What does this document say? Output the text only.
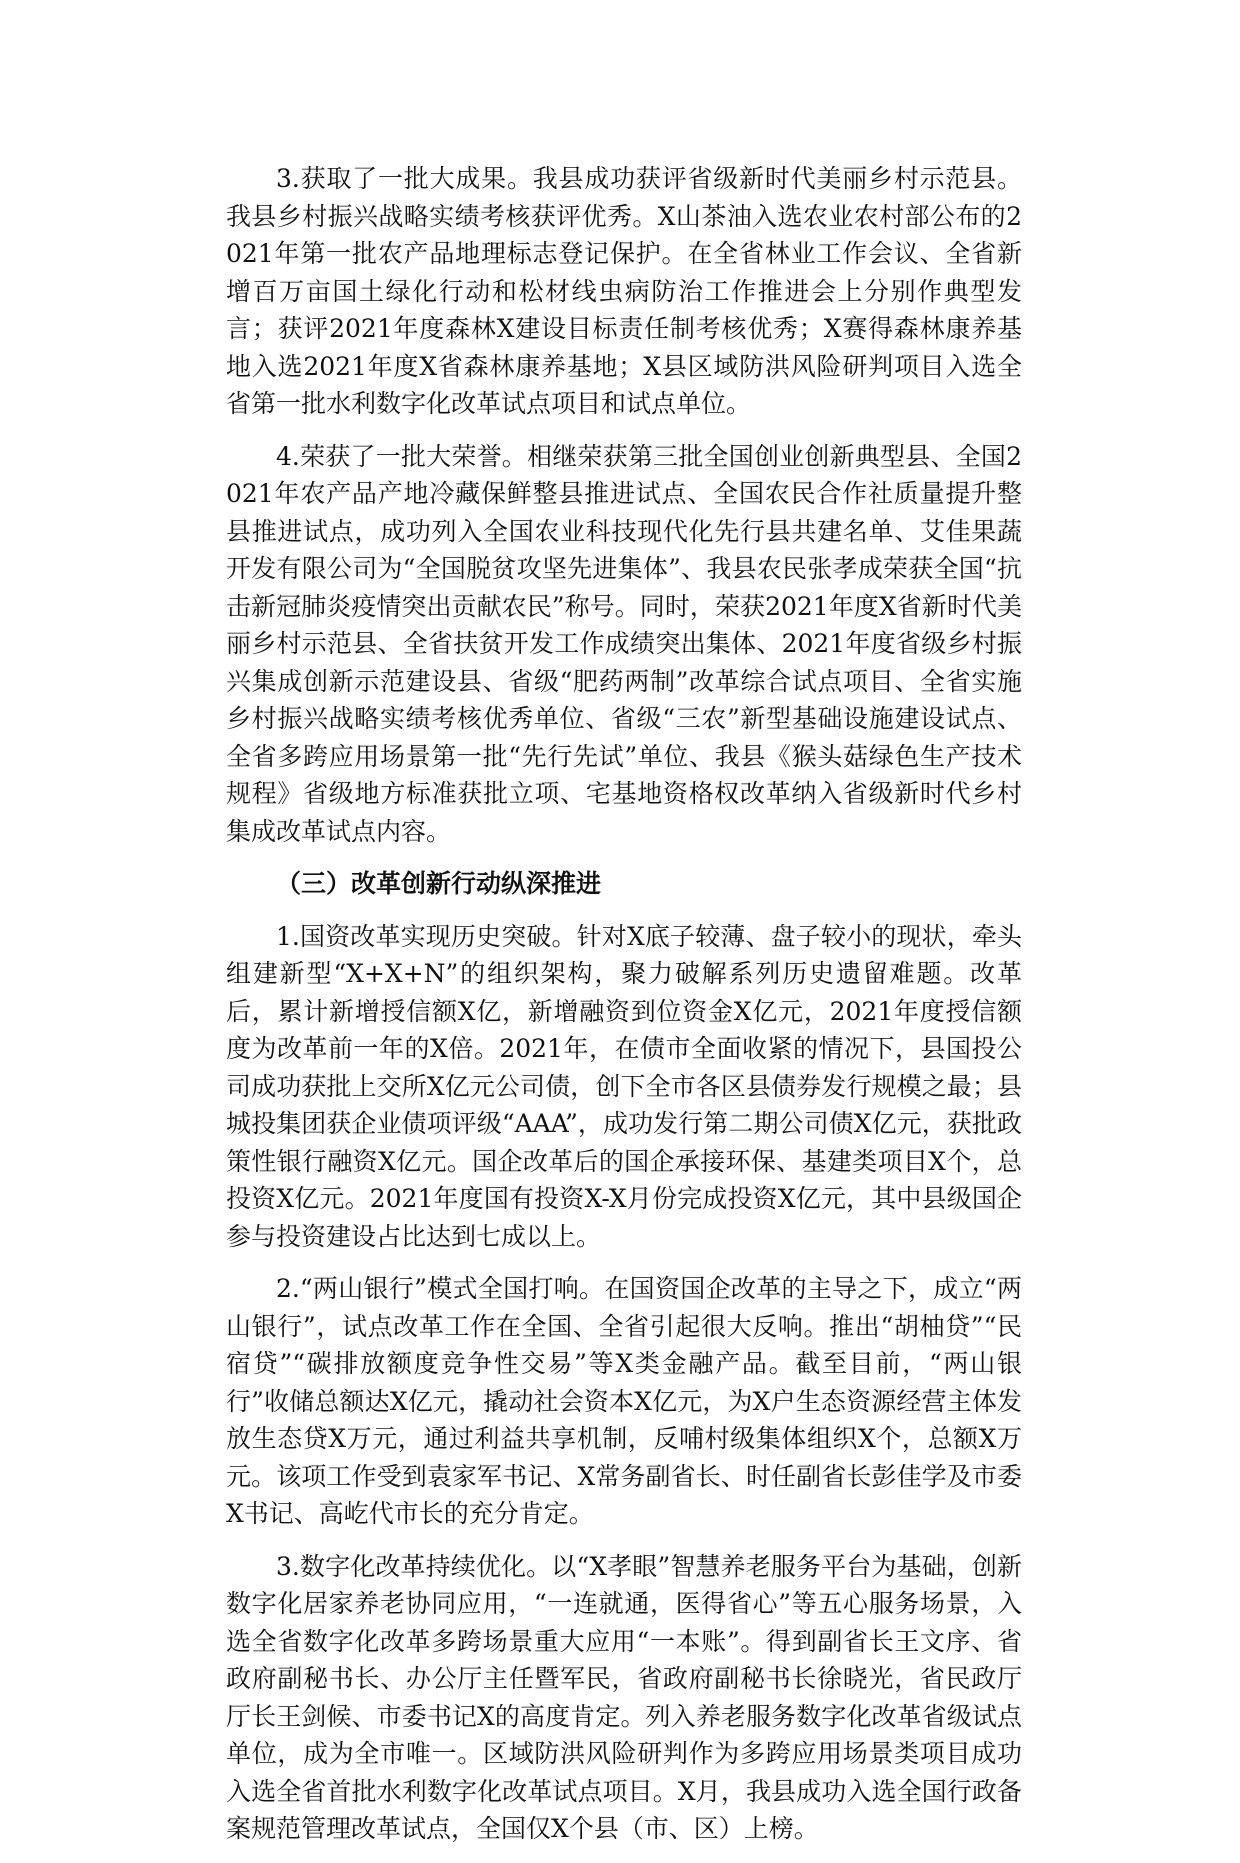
3.获取了一批大成果。我县成功获评省级新时代美丽乡村示范县。我县乡村振兴战略实绩考核获评优秀。X山茶油入选农业农村部公布的2021年第一批农产品地理标志登记保护。在全省林业工作会议、全省新增百万亩国土绿化行动和松材线虫病防治工作推进会上分别作典型发言；获评2021年度森林X建设目标责任制考核优秀；X赛得森林康养基地入选2021年度X省森林康养基地；X县区域防洪风险研判项目入选全省第一批水利数字化改革试点项目和试点单位。

4.荣获了一批大荣誉。相继荣获第三批全国创业创新典型县、全国2021年农产品产地冷藏保鲜整县推进试点、全国农民合作社质量提升整县推进试点，成功列入全国农业科技现代化先行县共建名单、艾佳果蔬开发有限公司为“全国脱贫攻坚先进集体”、我县农民张孝成荣获全国“抗击新冠肺炎疫情突出贡献农民”称号。同时，荣获2021年度X省新时代美丽乡村示范县、全省扶贫开发工作成绩突出集体、2021年度省级乡村振兴集成创新示范建设县、省级“肥药两制”改革综合试点项目、全省实施乡村振兴战略实绩考核优秀单位、省级“三农”新型基础设施建设试点、全省多跨应用场景第一批“先行先试”单位、我县《猴头菇绿色生产技术规程》省级地方标准获批立项、宅基地资格权改革纳入省级新时代乡村集成改革试点内容。

（三）改革创新行动纵深推进

1.国资改革实现历史突破。针对X底子较薄、盘子较小的现状，牵头组建新型“X+X+N”的组织架构，聚力破解系列历史遗留难题。改革后，累计新增授信额X亿，新增融资到位资金X亿元，2021年度授信额度为改革前一年的X倍。2021年，在债市全面收紧的情况下，县国投公司成功获批上交所X亿元公司债，创下全市各区县债券发行规模之最；县城投集团获企业债项评级“AAA”，成功发行第二期公司债X亿元，获批政策性银行融资X亿元。国企改革后的国企承接环保、基建类项目X个，总投资X亿元。2021年度国有投资X-X月份完成投资X亿元，其中县级国企参与投资建设占比达到七成以上。

2.“两山银行”模式全国打响。在国资国企改革的主导之下，成立“两山银行”，试点改革工作在全国、全省引起很大反响。推出“胡柚贷”“民宿贷”“碳排放额度竞争性交易”等X类金融产品。截至目前，“两山银行”收储总额达X亿元，撬动社会资本X亿元，为X户生态资源经营主体发放生态贷X万元，通过利益共享机制，反哺村级集体组织X个，总额X万元。该项工作受到袁家军书记、X常务副省长、时任副省长彭佳学及市委X书记、高屹代市长的充分肯定。

3.数字化改革持续优化。以“X孝眼”智慧养老服务平台为基础，创新数字化居家养老协同应用，“一连就通，医得省心”等五心服务场景，入选全省数字化改革多跨场景重大应用“一本账”。得到副省长王文序、省政府副秘书长、办公厅主任暨军民，省政府副秘书长徐晓光，省民政厅厅长王剑候、市委书记X的高度肯定。列入养老服务数字化改革省级试点单位，成为全市唯一。区域防洪风险研判作为多跨应用场景类项目成功入选全省首批水利数字化改革试点项目。X月，我县成功入选全国行政备案规范管理改革试点，全国仅X个县（市、区）上榜。
